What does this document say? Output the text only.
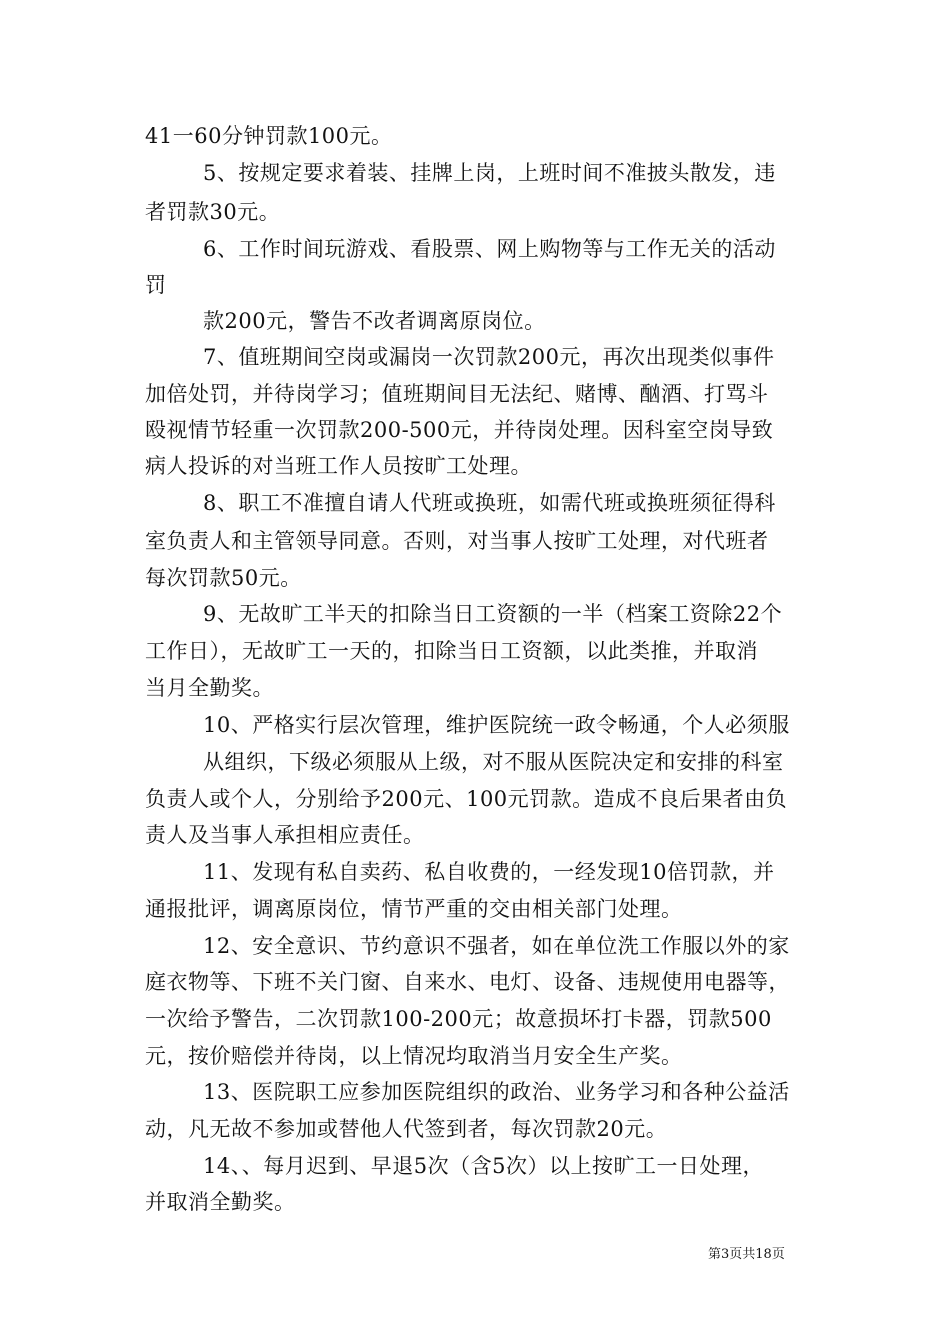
41一60分钟罚款100元。
5、按规定要求着装、挂牌上岗，上班时间不准披头散发，违
者罚款30元。
6、工作时间玩游戏、看股票、网上购物等与工作无关的活动
罚
款200元，警告不改者调离原岗位。
7、值班期间空岗或漏岗一次罚款200元，再次出现类似事件
加倍处罚，并待岗学习；值班期间目无法纪、赌博、酗酒、打骂斗
殴视情节轻重一次罚款200-500元，并待岗处理。因科室空岗导致
病人投诉的对当班工作人员按旷工处理。
8、职工不准擅自请人代班或换班，如需代班或换班须征得科
室负责人和主管领导同意。否则，对当事人按旷工处理，对代班者
每次罚款50元。
9、无故旷工半天的扣除当日工资额的一半（档案工资除22个
工作日），无故旷工一天的，扣除当日工资额，以此类推，并取消
当月全勤奖。
10、严格实行层次管理，维护医院统一政令畅通，个人必须服
从组织，下级必须服从上级，对不服从医院决定和安排的科室
负责人或个人，分别给予200元、100元罚款。造成不良后果者由负
责人及当事人承担相应责任。
11、发现有私自卖药、私自收费的，一经发现10倍罚款，并
通报批评，调离原岗位，情节严重的交由相关部门处理。
12、安全意识、节约意识不强者，如在单位洗工作服以外的家
庭衣物等、下班不关门窗、自来水、电灯、设备、违规使用电器等，
一次给予警告，二次罚款100-200元；故意损坏打卡器，罚款500
元，按价赔偿并待岗，以上情况均取消当月安全生产奖。
13、医院职工应参加医院组织的政治、业务学习和各种公益活
动，凡无故不参加或替他人代签到者，每次罚款20元。
14、、每月迟到、早退5次（含5次）以上按旷工一日处理，
并取消全勤奖。
第3页共18页
